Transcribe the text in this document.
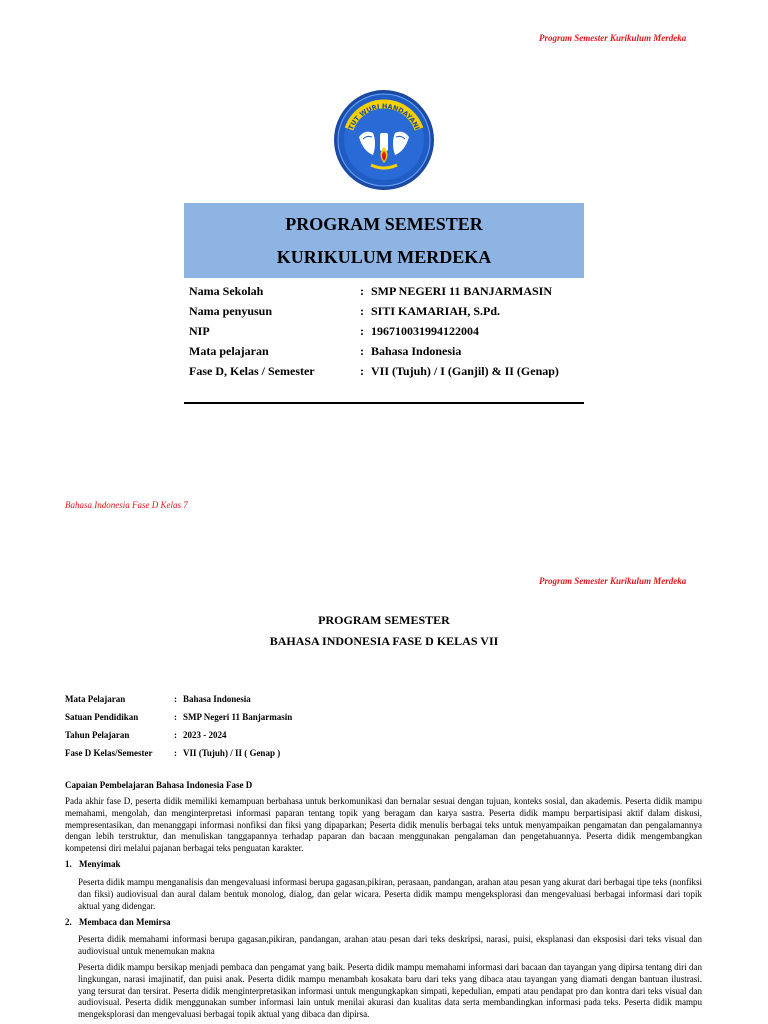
Program Semester Kurikulum Merdeka
TUT WURI HANDAYANI
PROGRAM SEMESTER
KURIKULUM MERDEKA
Nama Sekolah	: SMP NEGERI 11 BANJARMASIN
Nama penyusun	: SITI KAMARIAH, S.Pd.
NIP	: 196710031994122004
Mata pelajaran	: Bahasa Indonesia
Fase D, Kelas / Semester	: VII (Tujuh) / I (Ganjil) & II (Genap)
Bahasa Indonesia Fase D Kelas 7
Program Semester Kurikulum Merdeka
PROGRAM SEMESTER
BAHASA INDONESIA FASE D KELAS VII
Mata Pelajaran	: Bahasa Indonesia
Satuan Pendidikan	: SMP Negeri 11 Banjarmasin
Tahun Pelajaran	: 2023 - 2024
Fase D Kelas/Semester : VII (Tujuh) / II ( Genap )
Capaian Pembelajaran Bahasa Indonesia Fase D

Pada akhir fase D, peserta didik memiliki kemampuan berbahasa untuk berkomunikasi dan bernalar sesuai dengan tujuan, konteks sosial, dan akademis. Peserta didik mampu memahami, mengolah, dan menginterpretasi informasi paparan tentang topik yang beragam dan karya sastra. Peserta didik mampu berpartisipasi aktif dalam diskusi, mempresentasikan, dan menanggapi informasi nonfiksi dan fiksi yang dipaparkan; Peserta didik menulis berbagai teks untuk menyampaikan pengamatan dan pengalamannya dengan lebih terstruktur, dan menuliskan tanggapannya terhadap paparan dan bacaan menggunakan pengalaman dan pengetahuannya. Peserta didik mengembangkan kompetensi diri melalui pajanan berbagai teks penguatan karakter.

1. Menyimak

Peserta didik mampu menganalisis dan mengevaluasi informasi berupa gagasan,pikiran, perasaan, pandangan, arahan atau pesan yang akurat dari berbagai tipe teks (nonfiksi dan fiksi) audiovisual dan aural dalam bentuk monolog, dialog, dan gelar wicara. Peserta didik mampu mengeksplorasi dan mengevaluasi berbagai informasi dari topik aktual yang didengar.

2. Membaca dan Memirsa

Peserta didik memahami informasi berupa gagasan,pikiran, pandangan, arahan atau pesan dari teks deskripsi, narasi, puisi, eksplanasi dan eksposisi dari teks visual dan audiovisual untuk menemukan makna

Peserta didik mampu bersikap menjadi pembaca dan pengamat yang baik. Peserta didik mampu memahami informasi dari bacaan dan tayangan yang dipirsa tentang diri dan lingkungan, narasi imajinatif, dan puisi anak. Peserta didik mampu menambah kosakata baru dari teks yang dibaca atau tayangan yang diamati dengan bantuan ilustrasi. yang tersurat dan tersirat. Peserta didik menginterpretasikan informasi untuk mengungkapkan simpati, kepedulian, empati atau pendapat pro dan kontra dari teks visual dan audiovisual. Peserta didik menggunakan sumber informasi lain untuk menilai akurasi dan kualitas data serta membandingkan informasi pada teks. Peserta didik mampu mengeksplorasi dan mengevaluasi berbagai topik aktual yang dibaca dan dipirsa.
